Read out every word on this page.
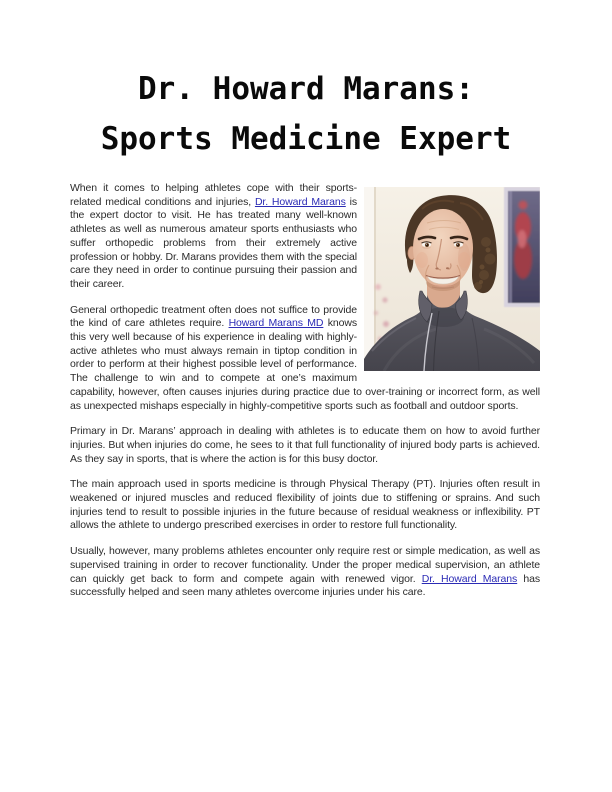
Dr. Howard Marans:
Sports Medicine Expert

When it comes to helping athletes cope with their sports-related medical conditions and injuries, Dr. Howard Marans is the expert doctor to visit. He has treated many well-known athletes as well as numerous amateur sports enthusiasts who suffer orthopedic problems from their extremely active profession or hobby. Dr. Marans provides them with the special care they need in order to continue pursuing their passion and their career.

General orthopedic treatment often does not suffice to provide the kind of care athletes require. Howard Marans MD knows this very well because of his experience in dealing with highly-active athletes who must always remain in tiptop condition in order to perform at their highest possible level of performance. The challenge to win and to compete at one’s maximum capability, however, often causes injuries during practice due to over-training or incorrect form, as well as unexpected mishaps especially in highly-competitive sports such as football and outdoor sports.

Primary in Dr. Marans’ approach in dealing with athletes is to educate them on how to avoid further injuries. But when injuries do come, he sees to it that full functionality of injured body parts is achieved. As they say in sports, that is where the action is for this busy doctor.

The main approach used in sports medicine is through Physical Therapy (PT). Injuries often result in weakened or injured muscles and reduced flexibility of joints due to stiffening or sprains. And such injuries tend to result to possible injuries in the future because of residual weakness or inflexibility. PT allows the athlete to undergo prescribed exercises in order to restore full functionality.

Usually, however, many problems athletes encounter only require rest or simple medication, as well as supervised training in order to recover functionality. Under the proper medical supervision, an athlete can quickly get back to form and compete again with renewed vigor. Dr. Howard Marans has successfully helped and seen many athletes overcome injuries under his care.
